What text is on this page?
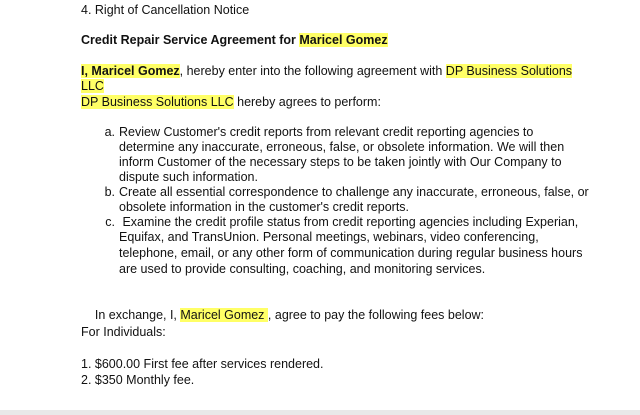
4. Right of Cancellation Notice
Credit Repair Service Agreement for Maricel Gomez
I, Maricel Gomez, hereby enter into the following agreement with DP Business Solutions
LLC
DP Business Solutions LLC hereby agrees to perform:
a. Review Customer's credit reports from relevant credit reporting agencies to
determine any inaccurate, erroneous, false, or obsolete information. We will then
inform Customer of the necessary steps to be taken jointly with Our Company to
dispute such information.
b. Create all essential correspondence to challenge any inaccurate, erroneous, false, or
obsolete information in the customer's credit reports.
c. Examine the credit profile status from credit reporting agencies including Experian,
Equifax, and TransUnion. Personal meetings, webinars, video conferencing,
telephone, email, or any other form of communication during regular business hours
are used to provide consulting, coaching, and monitoring services.

In exchange, I, Maricel Gomez , agree to pay the following fees below:

For Individuals:
1. $600.00 First fee after services rendered.
2. $350 Monthly fee.
